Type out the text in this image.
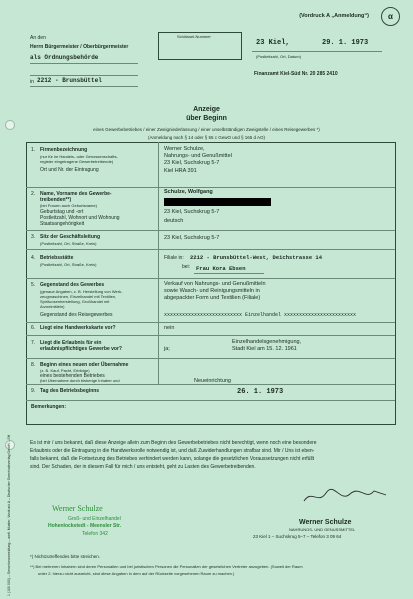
(Vordruck A „Anmeldung“)	α
An den
Herrn Bürgermeister / Oberbürgermeister
als Ordnungsbehörde
in 2212 - Brunsbüttel
Schlüssel-Nummer
23 Kiel,	29. 1. 1973
(Postleitzahl, Ort, Datum)
Finanzamt Kiel-Süd Nr. 20 285 2410
Anzeige
über Beginn
eines Gewerbebetriebes / einer Zweigniederlassung / einer unselbständigen Zweigstelle / eines Reisegewerbes *)
(Anmeldung nach § 14 oder § 55 c GewO und § 165 d AO)
1. Firmenbezeichnung
(nur für im Handels- oder Genossenschafts-
register eingetragene Gewerbetreibende)
Ort und Nr. der Eintragung
Werner Schulze,
Nahrungs- und Genußmittel
23 Kiel, Suchskrug 5-7
Kiel HRA 391
2. Name, Vorname des Gewerbe-
treibenden**)
(bei Frauen auch Geburtsname)
Geburtstag und -ort
Postleitzahl, Wohnort und Wohnung
Staatsangehörigkeit
Schulze, Wolfgang
23 Kiel, Suchskrug 5-7
deutsch
3. Sitz der Geschäftsleitung
(Postleitzahl, Ort, Straße, Kreis)
23 Kiel, Suchskrug 5-7
4. Betriebsstätte
(Postleitzahl, Ort, Straße, Kreis)
Filiale in: 2212 - Brunsbüttel-West, Deichstrasse 14
bei: Frau Kora Ebsen
5. Gegenstand des Gewerbes
(genaue Angaben, z. B. Herstellung von Werk-
zeugmaschinen, Einzelhandel mit Textilien,
Spirituosenherstellung, Großhandel mit
Arzneimitteln)
Gegenstand des Reisegewerbes
Verkauf von Nahrungs- und Genußmitteln
sowie Wasch- und Reinigungsmitteln in
abgepackter Form und Textilien (Filiale)
xxxxxxxxxxxxxxxxxxxxxxxxxx Einzelhandel xxxxxxxxxxxxxxxxxxxxxxxx
6. Liegt eine Handwerkskarte vor?	nein
7. Liegt die Erlaubnis für ein
erlaubnispflichtiges Gewerbe vor?	ja;
Einzelhandelsgenehmigung,
Stadt Kiel am 15. 12. 1961
8. Beginn eines neuen oder Übernahme
(z. B. Kauf, Pacht, Erbfolge)
eines bestehenden Betriebes
(bei Übernahme durch bisherige Inhaber und	Neueinrichtung
9. Tag des Betriebsbeginns	26. 1. 1973
Bemerkungen:
Es ist mir / uns bekannt, daß diese Anzeige allein zum Beginn des Gewerbebetriebes nicht berechtigt, wenn noch eine besondere
Erlaubnis oder die Eintragung in die Handwerksrolle notwendig ist, und daß Zuwiderhandlungen strafbar sind. Mir / Uns ist eben-
falls bekannt, daß die Fortsetzung des Betriebes verhindert werden kann, solange die gesetzlichen Voraussetzungen nicht erfüllt
sind. Der Schaden, der in diesem Fall für mich / uns entsteht, geht zu Lasten des Gewerbetreibenden.
Werner Schulze
Groß- und Einzelhandel
Hohenlockstedt - Meensler Str.
Telefon 342
Werner Schulze
NAHRUNGS- UND GENUSSMITTEL
23 Kiel 1 – Suchskrug 5–7 – Telefon 3 09 64
*) Nichtzutreffendes bitte streichen.
**) Bei mehreren Inhabern sind deren Personalien und bei juristischen Personen die Personalien der gesetzlichen Vertreter anzugeben. (Soweit der Raum
unter 2. hierzu nicht ausreicht, sind diese Angaben in dem auf der Rückseite vorgesehenen Raum zu machen.)
1 (100 000) – Gewerbeanmeldung – amtl. Muster, Vordruck A – Deutscher Gemeindeverlag GmbH – SH
